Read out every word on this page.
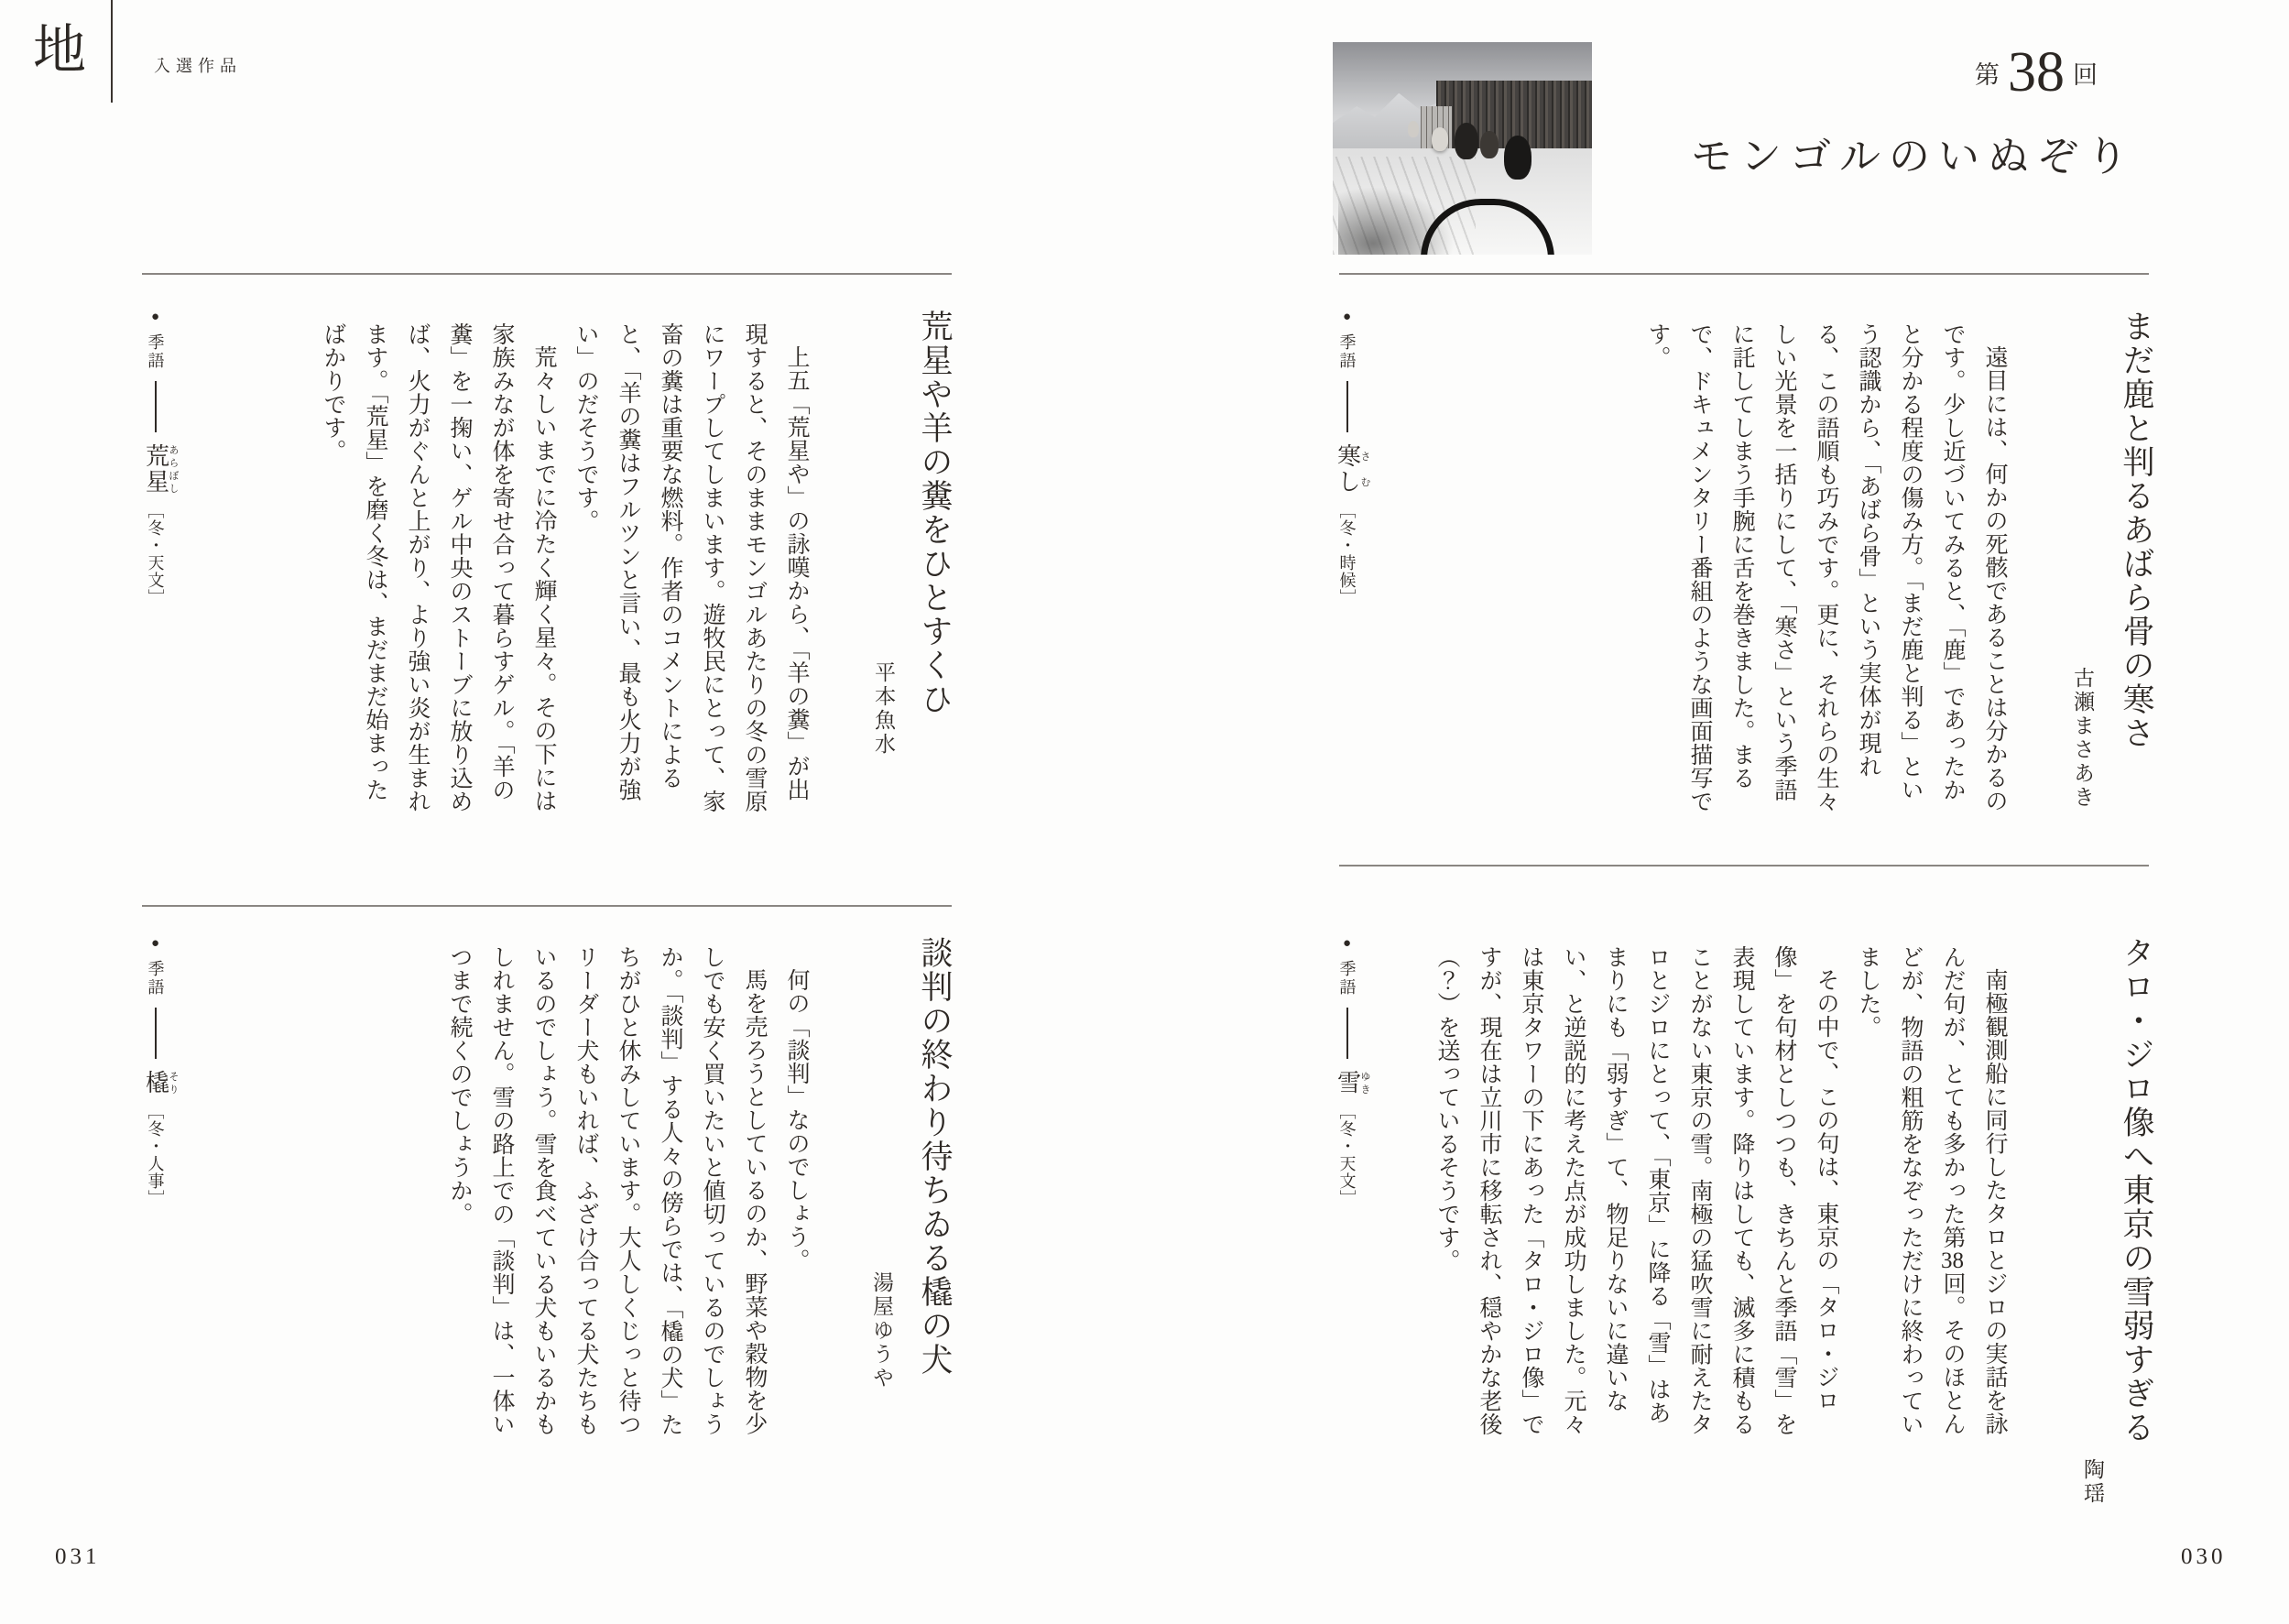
地	入選作品	第 38 回
モンゴルのいぬぞり
まだ鹿と判るあばら骨の寒さ
古瀬まさあき

遠目には、何かの死骸であることは分かるのです。少し近づいてみると、「鹿」であったかと分かる程度の傷み方。「まだ鹿と判る」という認識から、「あばら骨」という実体が現れる、この語順も巧みです。更に、それらの生々しい光景を一括りにして、「寒さ」という季語に託してしまう手腕に舌を巻きました。まるで、ドキュメンタリー番組のような画面描写です。

●季語寒しさむ［冬・時候］
タロ・ジロ像へ東京の雪弱すぎる
陶瑶

南極観測船に同行したタロとジロの実話を詠んだ句が、とても多かった第38回。そのほとんどが、物語の粗筋をなぞっただけに終わっていました。

その中で、この句は、東京の「タロ・ジロ像」を句材としつつも、きちんと季語「雪」を表現しています。降りはしても、滅多に積もることがない東京の雪。南極の猛吹雪に耐えたタロとジロにとって、「東京」に降る「雪」はあまりにも「弱すぎ」て、物足りないに違いない、と逆説的に考えた点が成功しました。元々は東京タワーの下にあった「タロ・ジロ像」ですが、現在は立川市に移転され、穏やかな老後（？）を送っているそうです。

●季語雪ゆき［冬・天文］
荒星や羊の糞をひとすくひ
平本魚水

上五「荒星や」の詠嘆から、「羊の糞」が出現すると、そのままモンゴルあたりの冬の雪原にワープしてしまいます。遊牧民にとって、家畜の糞は重要な燃料。作者のコメントによると、「羊の糞はフルツンと言い、最も火力が強い」のだそうです。

荒々しいまでに冷たく輝く星々。その下には家族みなが体を寄せ合って暮らすゲル。「羊の糞」を一掬い、ゲル中央のストーブに放り込めば、火力がぐんと上がり、より強い炎が生まれます。「荒星」を磨く冬は、まだまだ始まったばかりです。

●季語荒星あらぼし［冬・天文］
談判の終わり待ちゐる橇の犬
湯屋ゆうや

何の「談判」なのでしょう。

馬を売ろうとしているのか、野菜や穀物を少しでも安く買いたいと値切っているのでしょうか。「談判」する人々の傍らでは、「橇の犬」たちがひと休みしています。大人しくじっと待つリーダー犬もいれば、ふざけ合ってる犬たちもいるのでしょう。雪を食べている犬もいるかもしれません。雪の路上での「談判」は、一体いつまで続くのでしょうか。

●季語橇そり［冬・人事］
031	030
